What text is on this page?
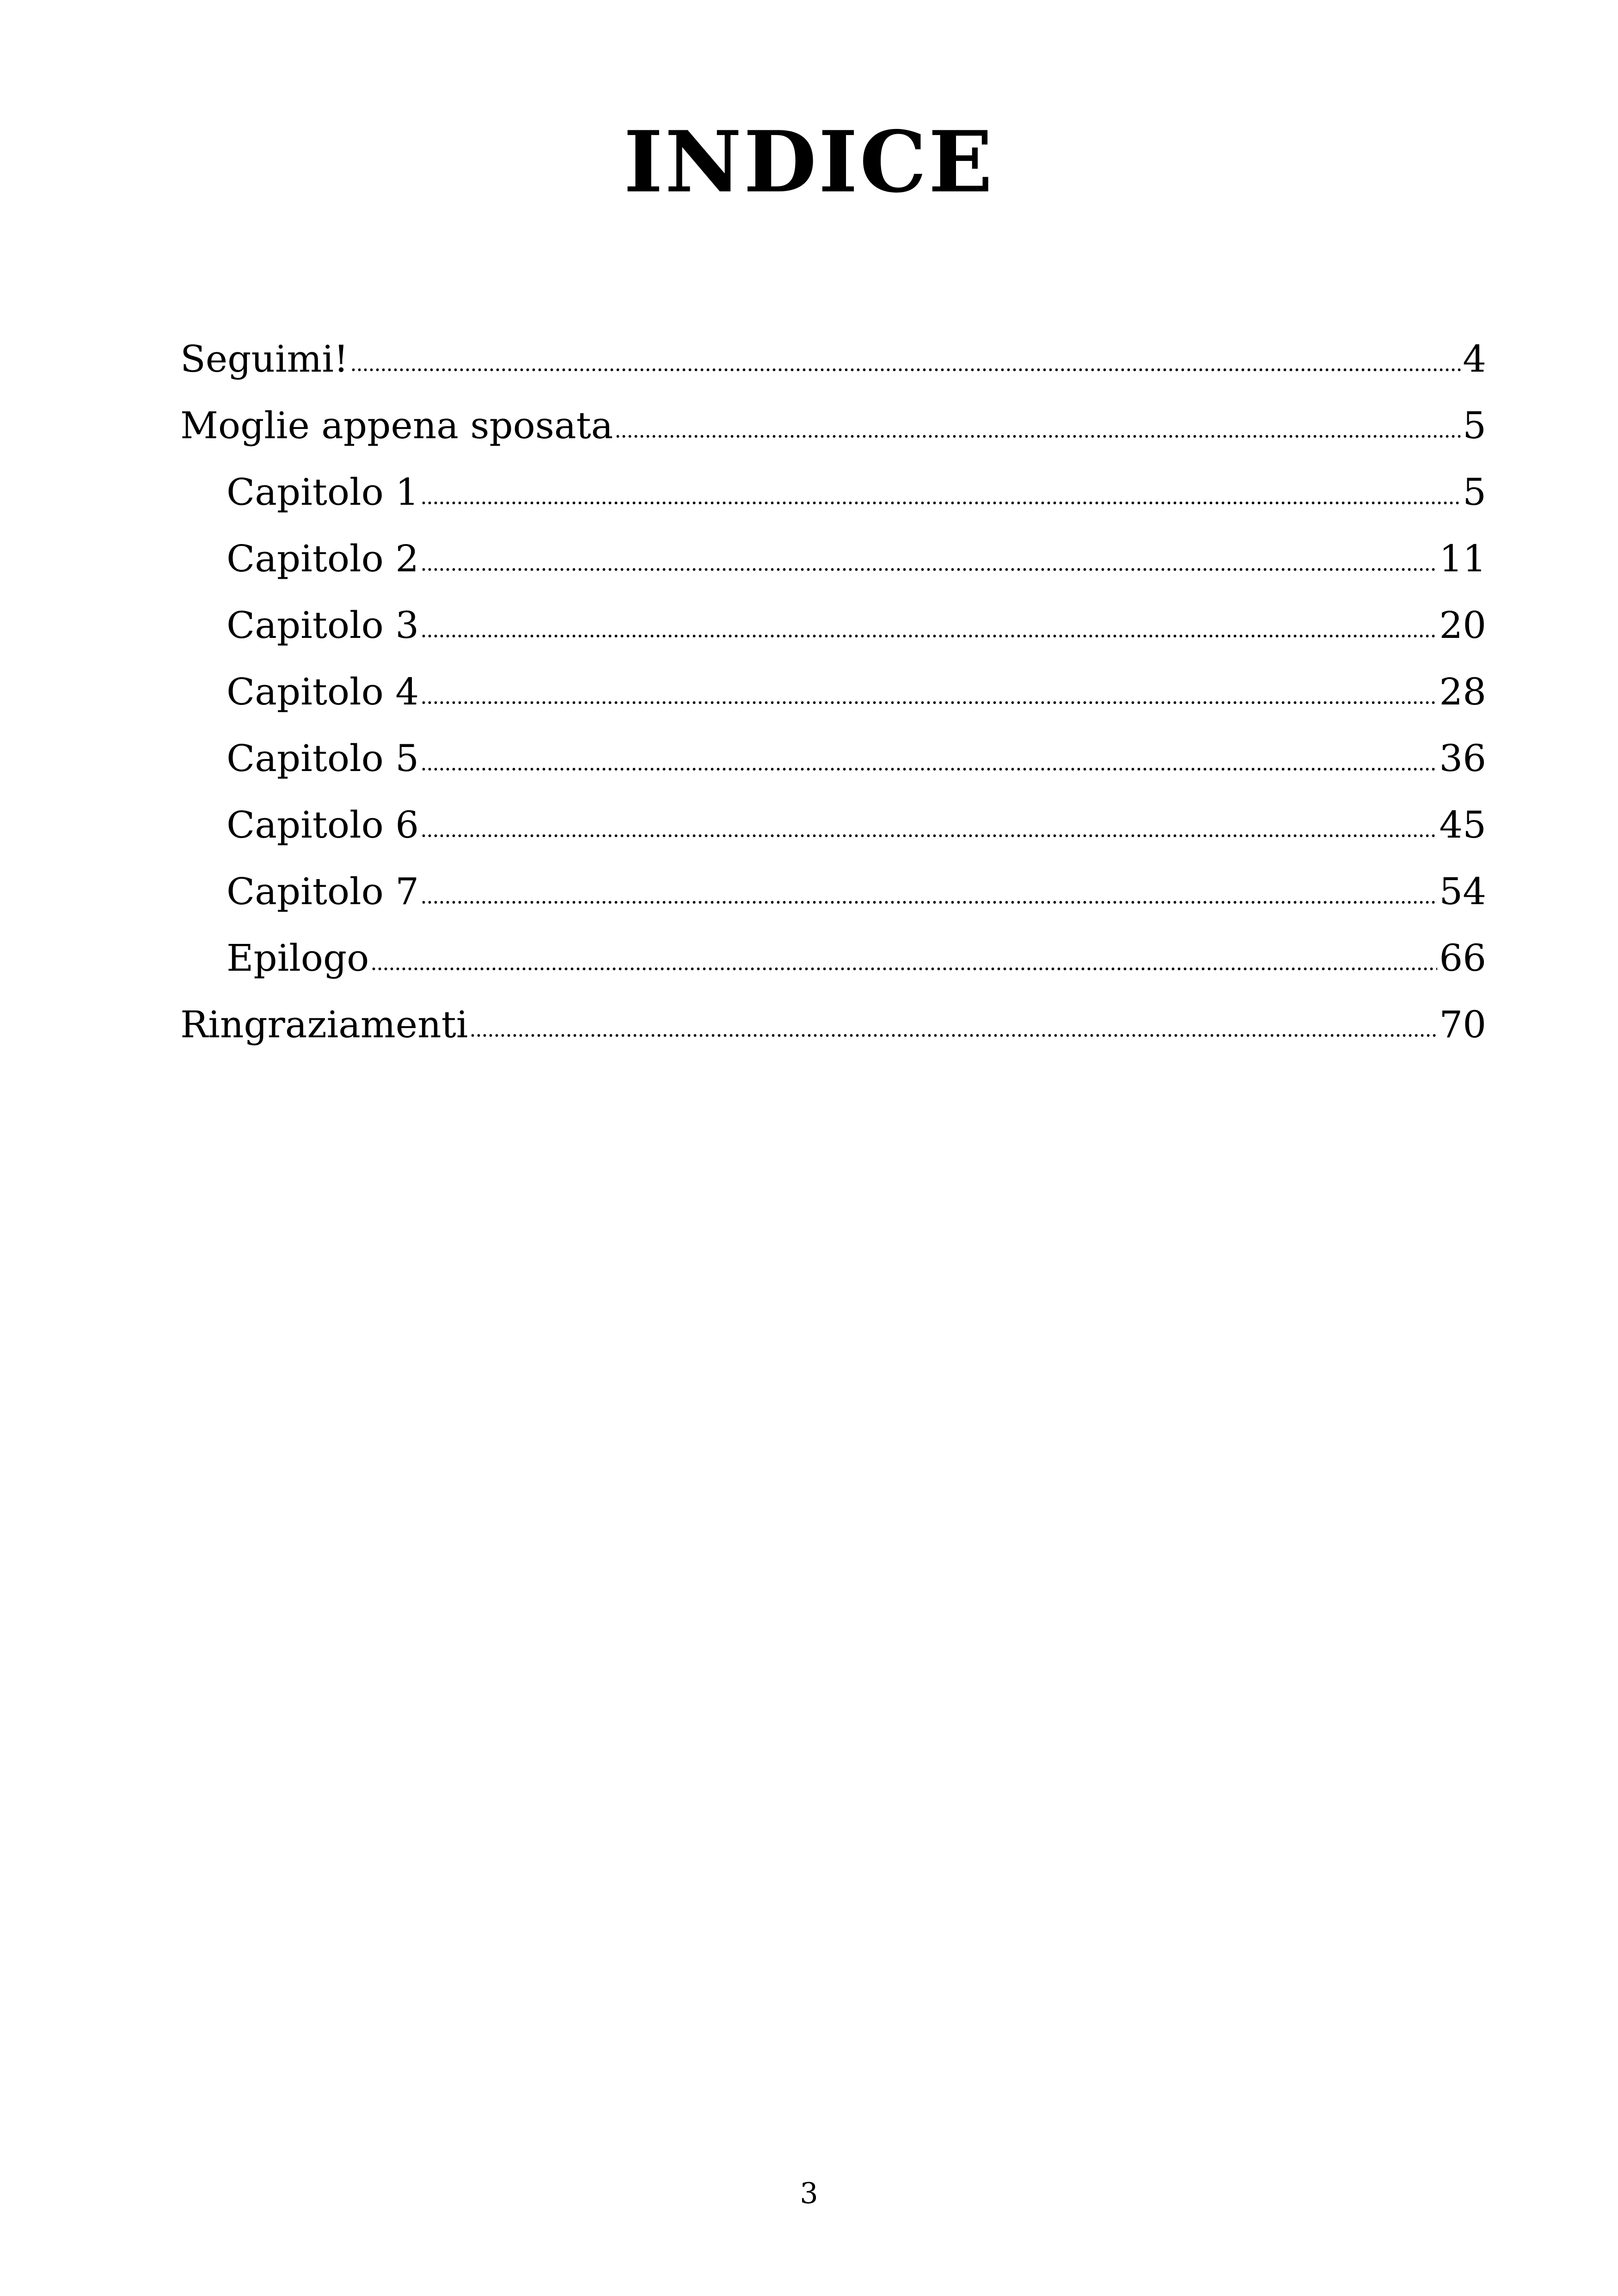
INDICE
Seguimi!	4
Moglie appena sposata	5
Capitolo 1	5
Capitolo 2	11
Capitolo 3	20
Capitolo 4	28
Capitolo 5	36
Capitolo 6	45
Capitolo 7	54
Epilogo	66
Ringraziamenti	70
3
